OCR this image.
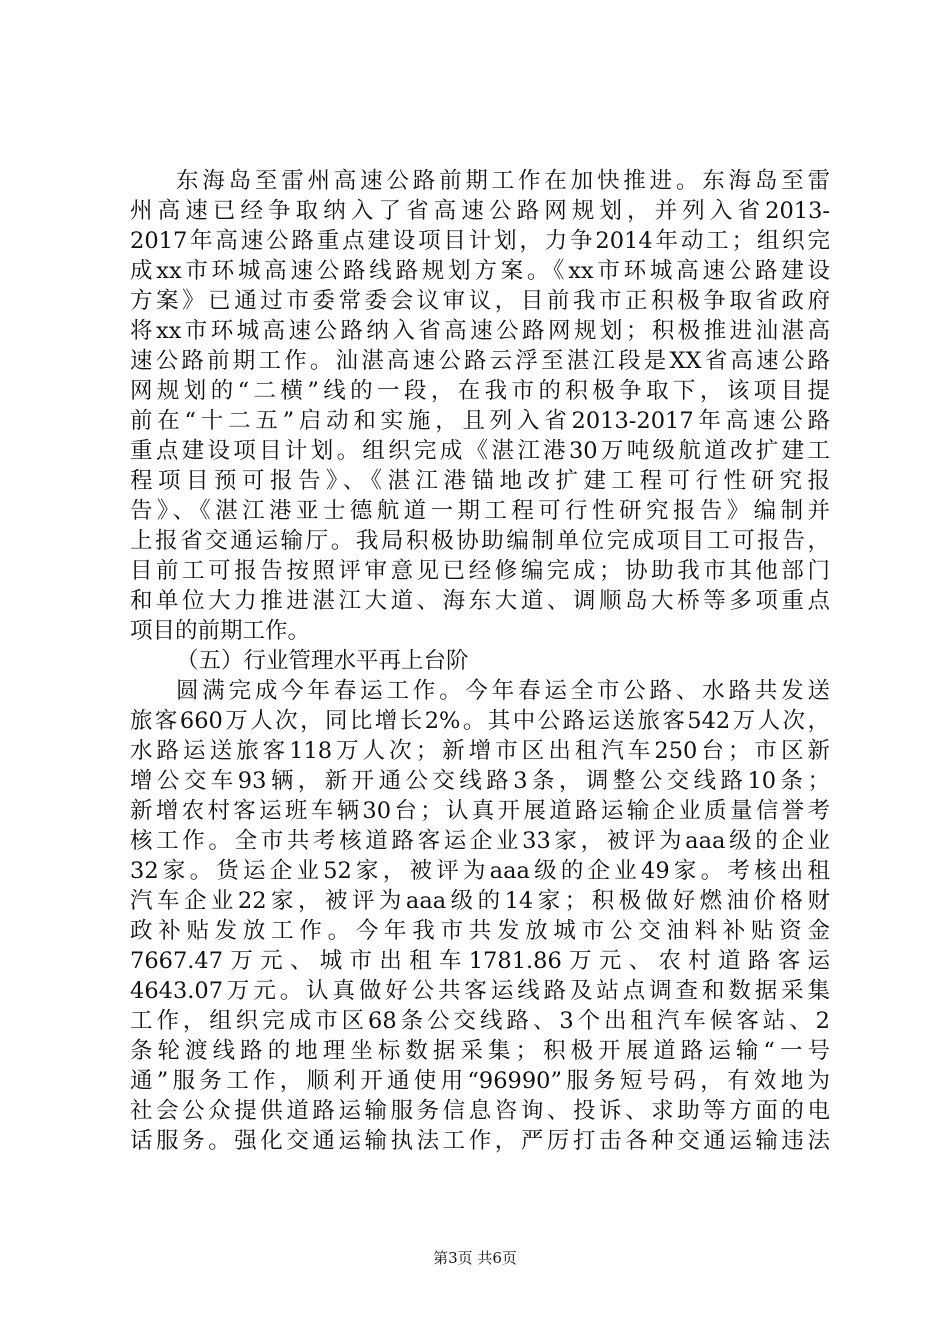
东海岛至雷州高速公路前期工作在加快推进。东海岛至雷
州高速已经争取纳入了省高速公路网规划，并列入省2013-
2017年高速公路重点建设项目计划，力争2014年动工；组织完
成xx市环城高速公路线路规划方案。《xx市环城高速公路建设
方案》已通过市委常委会议审议，目前我市正积极争取省政府
将xx市环城高速公路纳入省高速公路网规划；积极推进汕湛高
速公路前期工作。汕湛高速公路云浮至湛江段是XX省高速公路
网规划的“二横”线的一段，在我市的积极争取下，该项目提
前在“十二五”启动和实施，且列入省2013-2017年高速公路
重点建设项目计划。组织完成《湛江港30万吨级航道改扩建工
程项目预可报告》、《湛江港锚地改扩建工程可行性研究报
告》、《湛江港亚士德航道一期工程可行性研究报告》编制并
上报省交通运输厅。我局积极协助编制单位完成项目工可报告，
目前工可报告按照评审意见已经修编完成；协助我市其他部门
和单位大力推进湛江大道、海东大道、调顺岛大桥等多项重点
项目的前期工作。
（五）行业管理水平再上台阶
圆满完成今年春运工作。今年春运全市公路、水路共发送
旅客660万人次，同比增长2%。其中公路运送旅客542万人次，
水路运送旅客118万人次；新增市区出租汽车250台；市区新
增公交车93辆，新开通公交线路3条，调整公交线路10条；
新增农村客运班车辆30台；认真开展道路运输企业质量信誉考
核工作。全市共考核道路客运企业33家，被评为aaa级的企业
32家。货运企业52家，被评为aaa级的企业49家。考核出租
汽车企业22家，被评为aaa级的14家；积极做好燃油价格财
政补贴发放工作。今年我市共发放城市公交油料补贴资金
7667.47万元、城市出租车1781.86万元、农村道路客运
4643.07万元。认真做好公共客运线路及站点调查和数据采集
工作，组织完成市区68条公交线路、3个出租汽车候客站、2
条轮渡线路的地理坐标数据采集；积极开展道路运输“一号
通”服务工作，顺利开通使用“96990”服务短号码，有效地为
社会公众提供道路运输服务信息咨询、投诉、求助等方面的电
话服务。强化交通运输执法工作，严厉打击各种交通运输违法
第3页 共6页
